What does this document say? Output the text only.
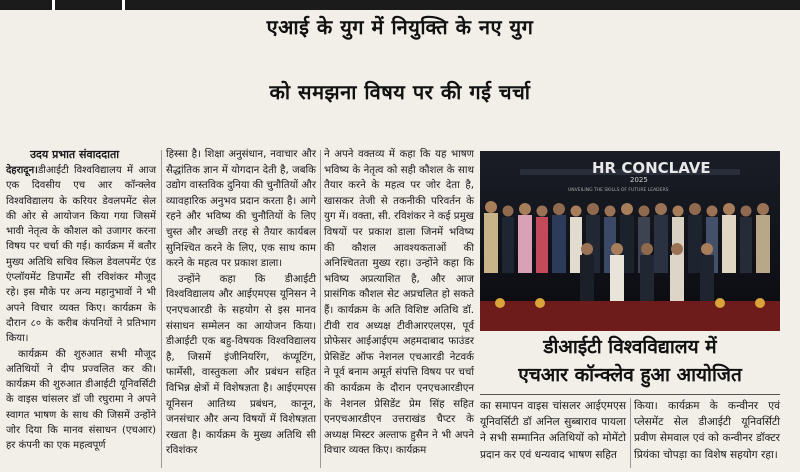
एआई के युग में नियुक्ति के नए युग
को समझना विषय पर की गई चर्चा
उदय प्रभात संवाददाता

देहरादून।डीआईटी विश्वविद्यालय में आज एक दिवसीय एच आर कॉन्क्लेव विश्वविद्यालय के करियर डेवलपमेंट सेल की ओर से आयोजन किया गया जिसमें भावी नेतृत्व के कौशल को उजागर करना विषय पर चर्चा की गई। कार्यक्रम में बतौर मुख्य अतिथि सचिव स्किल डेवलपमेंट एंड एंप्लॉयमेंट डिपार्मेंट सी रविशंकर मौजूद रहे। इस मौके पर अन्य महानुभावों ने भी अपने विचार व्यक्त किए। कार्यक्रम के दौरान ८० के करीब कंपनियों ने प्रतिभाग किया।

कार्यक्रम की शुरुआत सभी मौजूद अतिथियों ने दीप प्रज्वलित कर की। कार्यक्रम की शुरुआत डीआईटी यूनिवर्सिटी के वाइस चांसलर डॉ जी रघुरामा ने अपने स्वागत भाषण के साथ की जिसमें उन्होंने जोर दिया कि मानव संसाधन (एचआर) हर कंपनी का एक महत्वपूर्ण

हिस्सा है। शिक्षा अनुसंधान, नवाचार और सैद्धांतिक ज्ञान में योगदान देती है, जबकि उद्योग वास्तविक दुनिया की चुनौतियों और व्यावहारिक अनुभव प्रदान करता है। आगे रहने और भविष्य की चुनौतियों के लिए चुस्त और अच्छी तरह से तैयार कार्यबल सुनिश्चित करने के लिए, एक साथ काम करने के महत्व पर प्रकाश डाला।

उन्होंने कहा कि डीआईटी विश्वविद्यालय और आईएमएस यूनिसन ने एनएचआरडी के सहयोग से इस मानव संसाधन सम्मेलन का आयोजन किया। डीआईटी एक बहु-विषयक विश्वविद्यालय है, जिसमें इंजीनियरिंग, कंप्यूटिंग, फार्मेसी, वास्तुकला और प्रबंधन सहित विभिन्न क्षेत्रों में विशेषज्ञता है। आईएमएस यूनिसन आतिथ्य प्रबंधन, कानून, जनसंचार और अन्य विषयों में विशेषज्ञता रखता है। कार्यक्रम के मुख्य अतिथि सी रविशंकर

ने अपने वक्तव्य में कहा कि यह भाषण भविष्य के नेतृत्व को सही कौशल के साथ तैयार करने के महत्व पर जोर देता है, खासकर तेजी से तकनीकी परिवर्तन के युग में। वक्ता, सी. रविशंकर ने कई प्रमुख विषयों पर प्रकाश डाला जिनमें भविष्य की कौशल आवश्यकताओं की अनिश्चितता मुख्य रहा। उन्होंने कहा कि भविष्य अप्रत्याशित है, और आज प्रासंगिक कौशल सेट अप्रचलित हो सकते हैं। कार्यक्रम के अति विशिष्ट अतिथि डॉ. टीवी राव अध्यक्ष टीवीआरएलएस, पूर्व प्रोफेसर आईआईएम अहमदाबाद फाउंडर प्रेसिडेंट ऑफ नेशनल एचआरडी नेटवर्क ने पूर्व बनाम अमूर्त संपत्ति विषय पर चर्चा की कार्यक्रम के दौरान एनएचआरडीएन के नेशनल प्रेसिडेंट प्रेम सिंह सहित एनएचआरडीएन उत्तराखंड चैप्टर के अध्यक्ष मिस्टर अल्ताफ हुसैन ने भी अपने विचार व्यक्त किए। कार्यक्रम

HR CONCLAVE
2025
UNVEILING THE SKILLS OF FUTURE LEADERS
डीआईटी विश्वविद्यालय में
एचआर कॉन्क्लेव हुआ आयोजित

का समापन वाइस चांसलर आईएमएस यूनिवर्सिटी डॉ अनिल सुब्बाराव पायला ने सभी सम्मानित अतिथियों को मोमेंटो प्रदान कर एवं धन्यवाद भाषण सहित

किया। कार्यक्रम के कन्वीनर एवं प्लेसमेंट सेल डीआईटी यूनिवर्सिटी प्रवीण सेमवाल एवं को कन्वीनर डॉक्टर प्रियंका चोपड़ा का विशेष सहयोग रहा।
